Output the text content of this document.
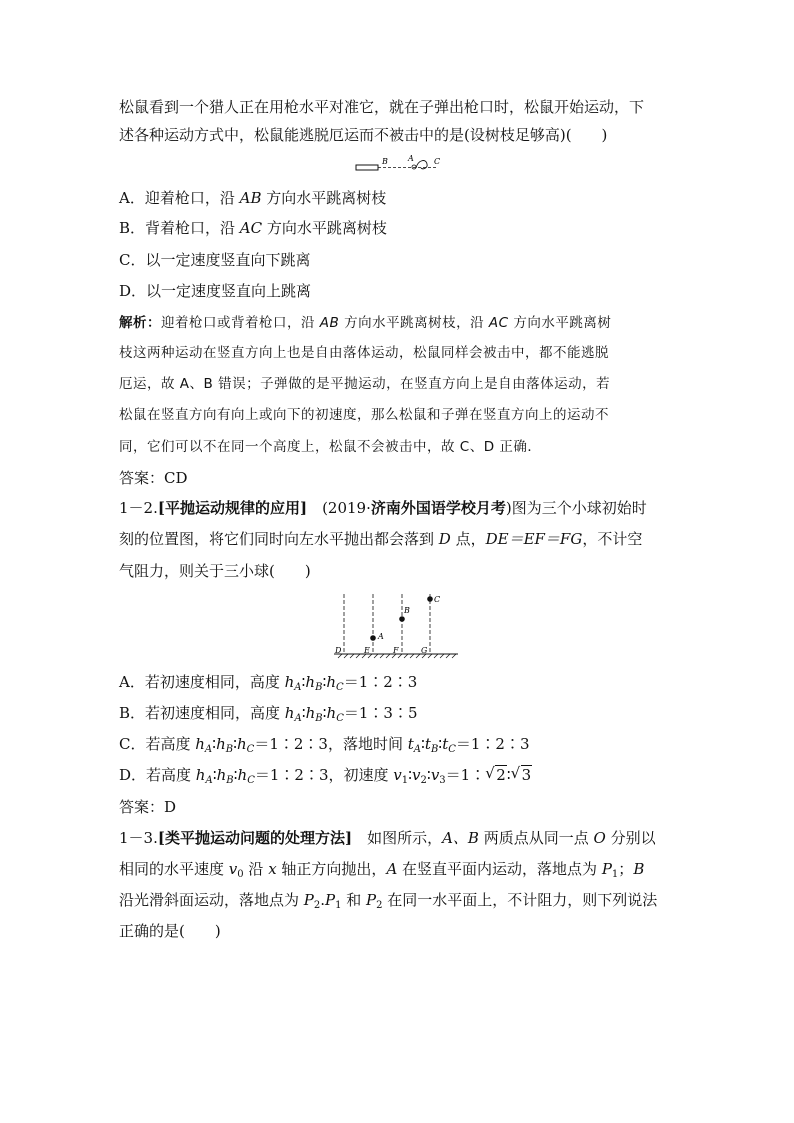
松鼠看到一个猎人正在用枪水平对准它，就在子弹出枪口时，松鼠开始运动，下
述各种运动方式中，松鼠能逃脱厄运而不被击中的是(设树枝足够高)(　　)
B	A	C
A．迎着枪口，沿 AB 方向水平跳离树枝
B．背着枪口，沿 AC 方向水平跳离树枝
C．以一定速度竖直向下跳离
D．以一定速度竖直向上跳离
解析：迎着枪口或背着枪口，沿 AB 方向水平跳离树枝，沿 AC 方向水平跳离树
枝这两种运动在竖直方向上也是自由落体运动，松鼠同样会被击中，都不能逃脱
厄运，故 A、B 错误；子弹做的是平抛运动，在竖直方向上是自由落体运动，若
松鼠在竖直方向有向上或向下的初速度，那么松鼠和子弹在竖直方向上的运动不
同，它们可以不在同一个高度上，松鼠不会被击中，故 C、D 正确．
答案：CD
1－2.[平抛运动规律的应用]　(2019·济南外国语学校月考)图为三个小球初始时
刻的位置图，将它们同时向左水平抛出都会落到 D 点，DE＝EF＝FG，不计空
气阻力，则关于三小球(　　)
A
B
C
D	E	F	G
A．若初速度相同，高度 $h_A∶h_B∶h_C=1∶2∶3$
B．若初速度相同，高度 $h_A∶h_B∶h_C=1∶3∶5$
C．若高度 $h_A∶h_B∶h_C=1∶2∶3$，落地时间 $t_A∶t_B∶t_C=1∶2∶3$
D．若高度 $h_A∶h_B∶h_C=1∶2∶3$，初速度 $v_1∶v_2∶v_3=1∶$ √ 2∶ √ 3
答案：D
1－3.[类平抛运动问题的处理方法]　如图所示，A、B 两质点从同一点 O 分别以
相同的水平速度 $v_0$ 沿 x 轴正方向抛出，A 在竖直平面内运动，落地点为 $P_1$；B
沿光滑斜面运动，落地点为 $P_2.P_1$ 和 $P_2$ 在同一水平面上，不计阻力，则下列说法
正确的是(　　)
